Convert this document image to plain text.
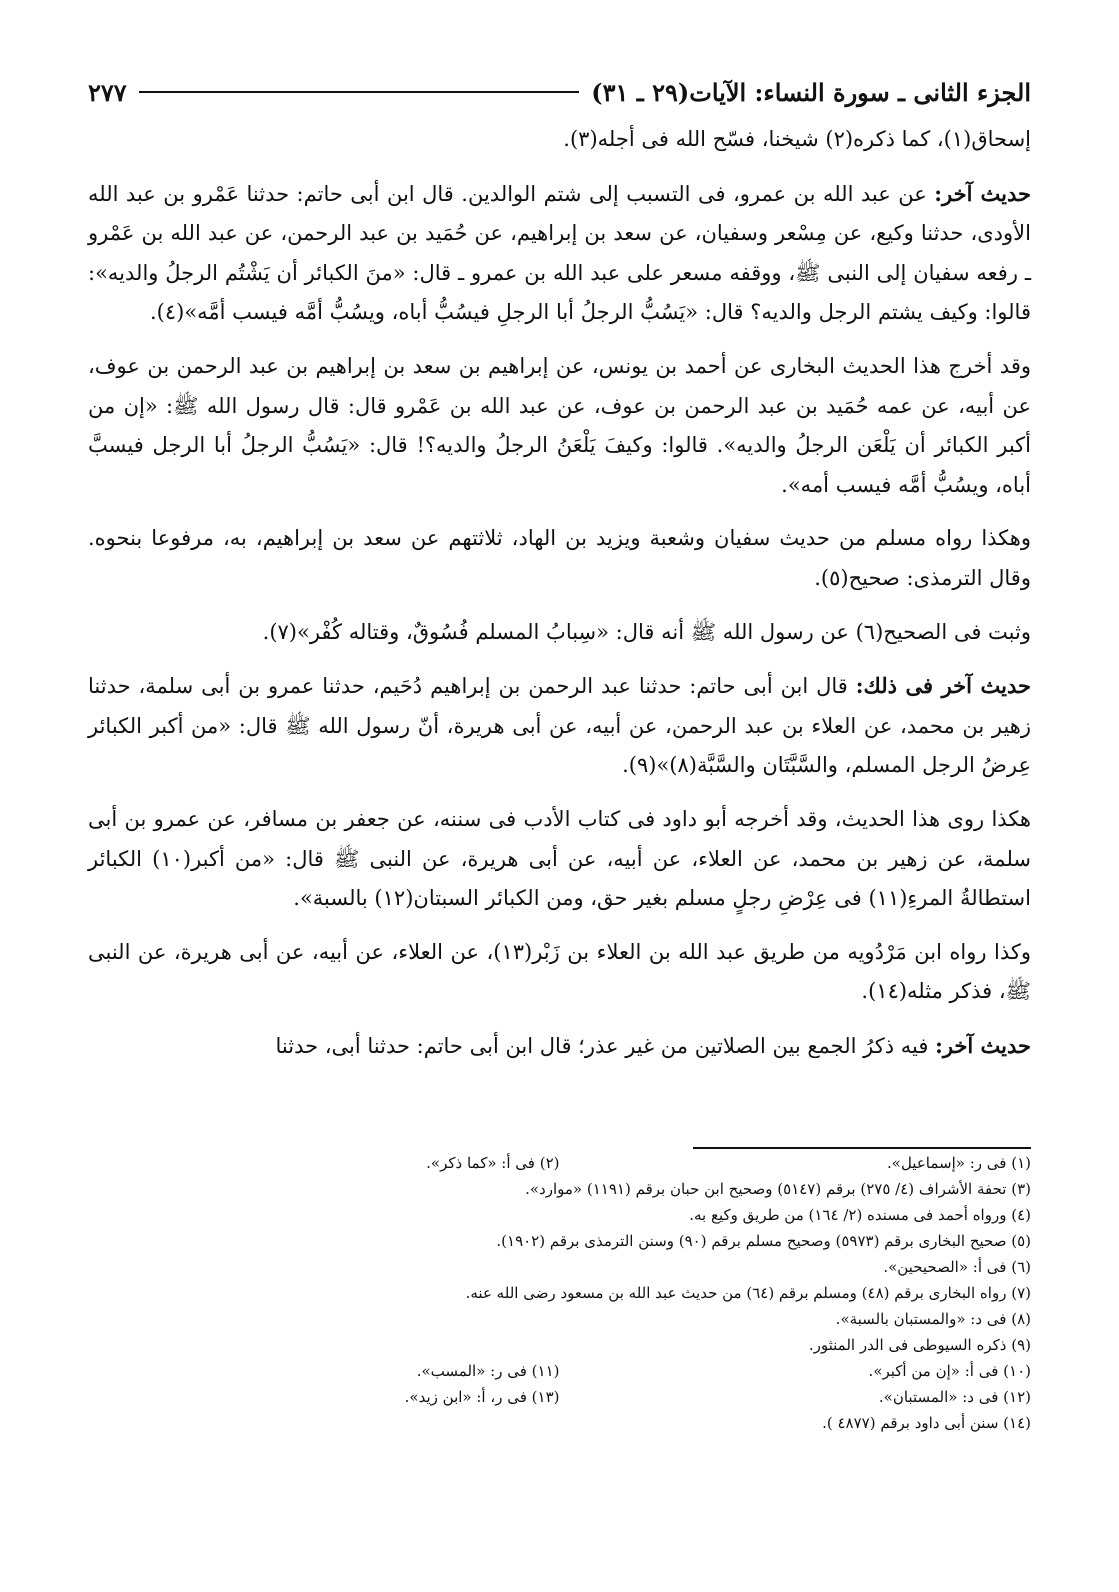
الجزء الثانى ـ سورة النساء: الآيات(٢٩ ـ ٣١)
٢٧٧

إسحاق(١)، كما ذكره(٢) شيخنا، فسّح الله فى أجله(٣).

حديث آخر: عن عبد الله بن عمرو، فى التسبب إلى شتم الوالدين. قال ابن أبى حاتم: حدثنا عَمْرو بن عبد الله الأودى، حدثنا وكيع، عن مِسْعر وسفيان، عن سعد بن إبراهيم، عن حُمَيد بن عبد الرحمن، عن عبد الله بن عَمْرو ـ رفعه سفيان إلى النبى ﷺ، ووقفه مسعر على عبد الله بن عمرو ـ قال: «منَ الكبائر أن يَشْتُم الرجلُ والديه»: قالوا: وكيف يشتم الرجل والديه؟ قال: «يَسُبُّ الرجلُ أبا الرجلِ فيسُبُّ أباه، ويسُبُّ أمَّه فيسب أمَّه»(٤).

وقد أخرج هذا الحديث البخارى عن أحمد بن يونس، عن إبراهيم بن سعد بن إبراهيم بن عبد الرحمن بن عوف، عن أبيه، عن عمه حُمَيد بن عبد الرحمن بن عوف، عن عبد الله بن عَمْرو قال: قال رسول الله ﷺ: «إن من أكبر الكبائر أن يَلْعَن الرجلُ والديه». قالوا: وكيفَ يَلْعَنُ الرجلُ والديه؟! قال: «يَسُبُّ الرجلُ أبا الرجل فيسبَّ أباه، ويسُبُّ أمَّه فيسب أمه».

وهكذا رواه مسلم من حديث سفيان وشعبة ويزيد بن الهاد، ثلاثتهم عن سعد بن إبراهيم، به، مرفوعا بنحوه. وقال الترمذى: صحيح(٥).

وثبت فى الصحيح(٦) عن رسول الله ﷺ أنه قال: «سِبابُ المسلم فُسُوقٌ، وقتاله كُفْر»(٧).

حديث آخر فى ذلك: قال ابن أبى حاتم: حدثنا عبد الرحمن بن إبراهيم دُحَيم، حدثنا عمرو بن أبى سلمة، حدثنا زهير بن محمد، عن العلاء بن عبد الرحمن، عن أبيه، عن أبى هريرة، أنّ رسول الله ﷺ قال: «من أكبر الكبائر عِرضُ الرجل المسلم، والسَّبَّتَان والسَّبَّة(٨)»(٩).

هكذا روى هذا الحديث، وقد أخرجه أبو داود فى كتاب الأدب فى سننه، عن جعفر بن مسافر، عن عمرو بن أبى سلمة، عن زهير بن محمد، عن العلاء، عن أبيه، عن أبى هريرة، عن النبى ﷺ قال: «من أكبر(١٠) الكبائر استطالةُ المرءِ(١١) فى عِرْضِ رجلٍ مسلم بغير حق، ومن الكبائر السبتان(١٢) بالسبة».

وكذا رواه ابن مَرْدُويه من طريق عبد الله بن العلاء بن زَبْر(١٣)، عن العلاء، عن أبيه، عن أبى هريرة، عن النبى ﷺ، فذكر مثله(١٤).

حديث آخر: فيه ذكرُ الجمع بين الصلاتين من غير عذر؛ قال ابن أبى حاتم: حدثنا أبى، حدثنا

(١) فى ر: «إسماعيل».
(٢) فى أ: «كما ذكر».
(٣) تحفة الأشراف (٤/ ٢٧٥) برقم (٥١٤٧) وصحيح ابن حبان برقم (١١٩١) «موارد».
(٤) ورواه أحمد فى مسنده (٢/ ١٦٤) من طريق وكيع به.
(٥) صحيح البخارى برقم (٥٩٧٣) وصحيح مسلم برقم (٩٠) وسنن الترمذى برقم (١٩٠٢).
(٦) فى أ: «الصحيحين».
(٧) رواه البخارى برقم (٤٨) ومسلم برقم (٦٤) من حديث عبد الله بن مسعود رضى الله عنه.
(٨) فى د: «والمستبان بالسبة».
(٩) ذكره السيوطى فى الدر المنثور.
(١٠) فى أ: «إن من أكبر».
(١١) فى ر: «المسب».
(١٢) فى د: «المستبان».
(١٣) فى ر، أ: «ابن زيد».
(١٤) سنن أبى داود برقم (٤٨٧٧ ).
